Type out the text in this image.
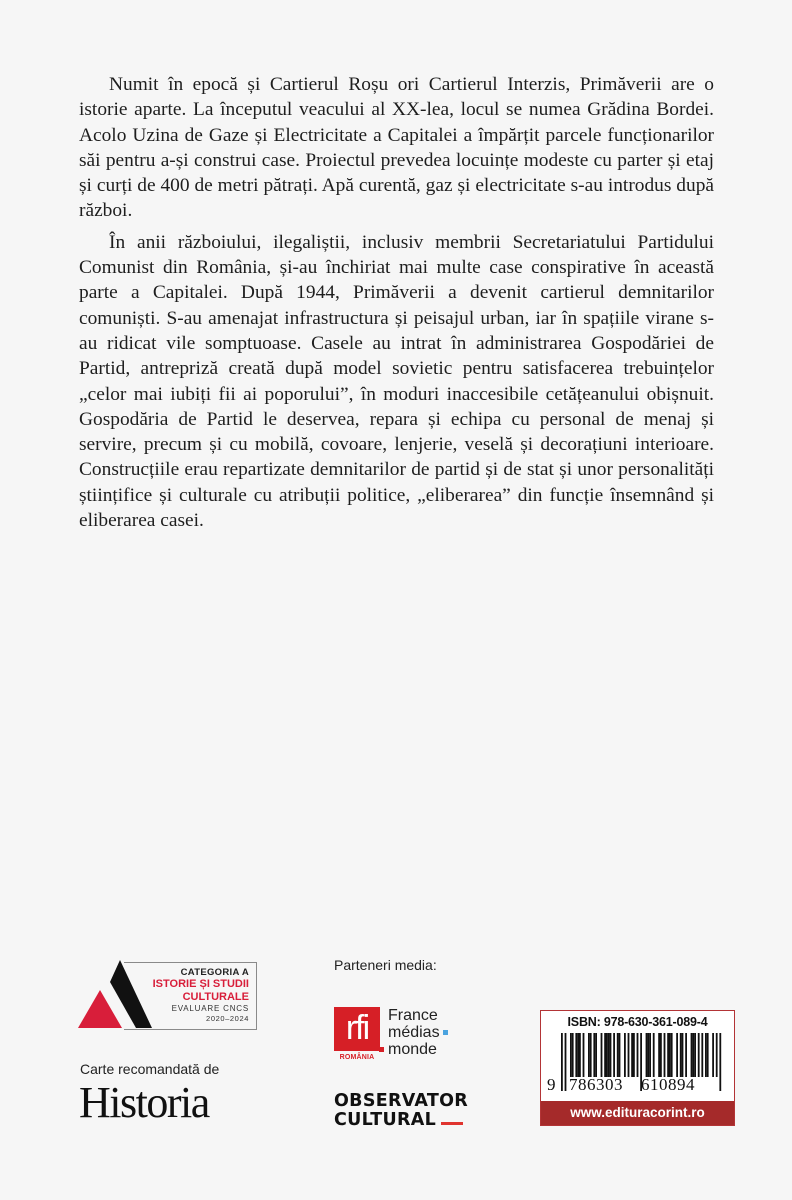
Numit în epocă și Cartierul Roșu ori Cartierul Interzis, Primăverii are o istorie aparte. La începutul veacului al XX-lea, locul se numea Grădina Bordei. Acolo Uzina de Gaze și Electricitate a Capitalei a împărțit parcele funcționarilor săi pentru a-și construi case. Proiectul prevedea locuințe modeste cu parter și etaj și curți de 400 de metri pătrați. Apă curentă, gaz și electricitate s-au introdus după război.

În anii războiului, ilegaliștii, inclusiv membrii Secretariatului Partidului Comunist din România, și-au închiriat mai multe case conspirative în această parte a Capitalei. După 1944, Primăverii a devenit cartierul demnitarilor comuniști. S-au amenajat infrastructura și peisajul urban, iar în spațiile virane s-au ridicat vile somptuoase. Casele au intrat în administrarea Gospodăriei de Partid, antrepriză creată după model sovietic pentru satisfacerea trebuințelor „celor mai iubiți fii ai poporului”, în moduri inaccesibile cetățeanului obișnuit. Gospodăria de Partid le deservea, repara și echipa cu personal de menaj și servire, precum și cu mobilă, covoare, lenjerie, veselă și decorațiuni interioare. Construcțiile erau repartizate demnitarilor de partid și de stat și unor personalități științifice și culturale cu atribuții politice, „eliberarea” din funcție însemnând și eliberarea casei.

CATEGORIA A
ISTORIE ȘI STUDII
CULTURALE
EVALUARE CNCS
2020–2024
Carte recomandată de
Historia
Parteneri media:
rfi
ROMÂNIA
France
médias
monde
OBSERVATOR
CULTURAL
ISBN: 978-630-361-089-4
9 786303 610894
www.edituracorint.ro
